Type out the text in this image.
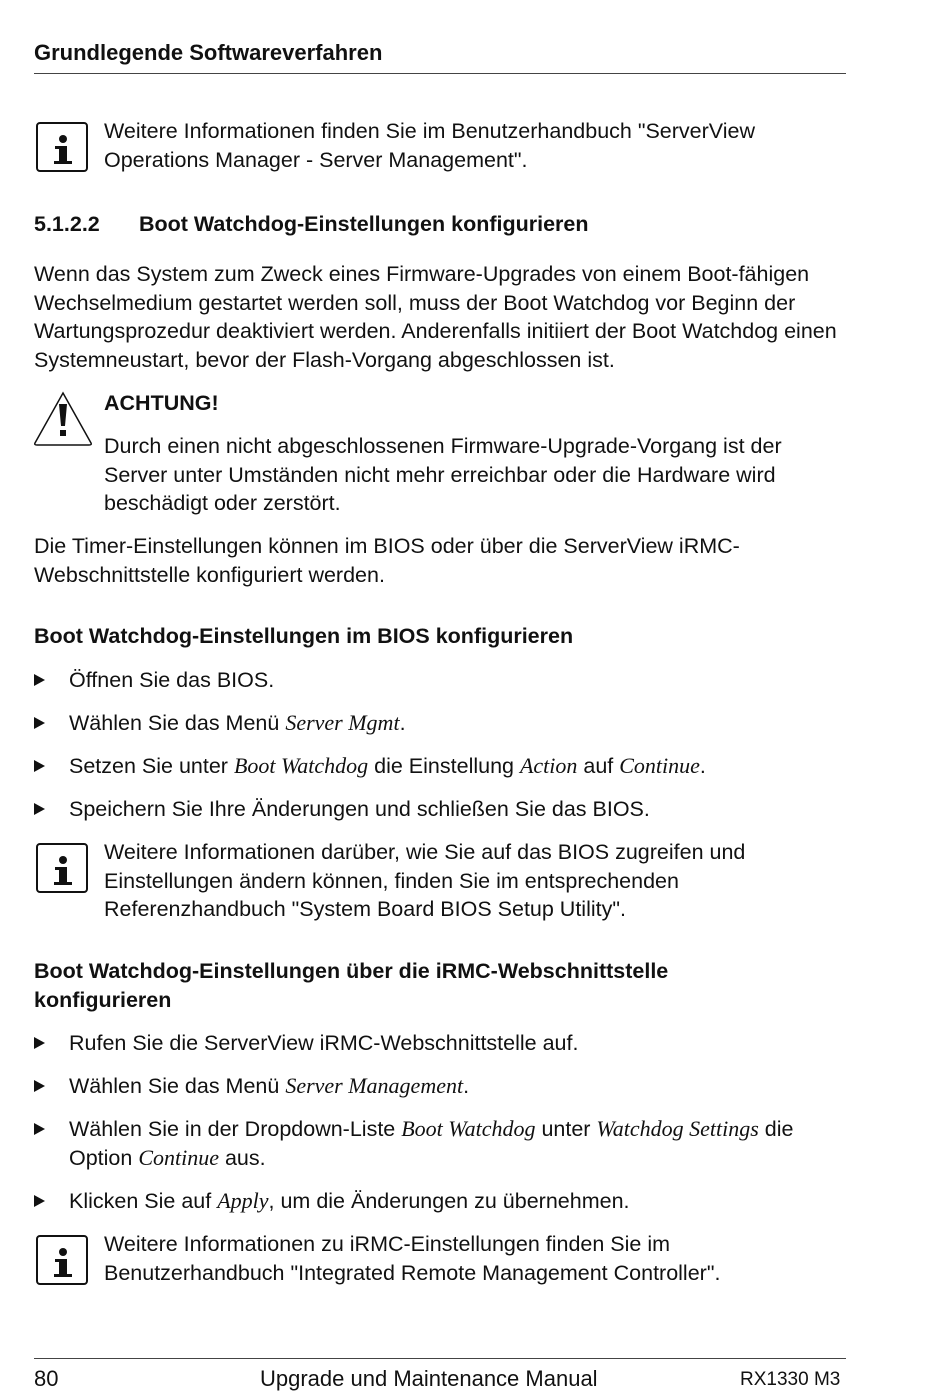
Grundlegende Softwareverfahren
Weitere Informationen finden Sie im Benutzerhandbuch "ServerView Operations Manager - Server Management".
5.1.2.2 Boot Watchdog-Einstellungen konfigurieren
Wenn das System zum Zweck eines Firmware-Upgrades von einem Boot-fähigen Wechselmedium gestartet werden soll, muss der Boot Watchdog vor Beginn der Wartungsprozedur deaktiviert werden. Anderenfalls initiiert der Boot Watchdog einen Systemneustart, bevor der Flash-Vorgang abgeschlossen ist.
ACHTUNG!
Durch einen nicht abgeschlossenen Firmware-Upgrade-Vorgang ist der Server unter Umständen nicht mehr erreichbar oder die Hardware wird beschädigt oder zerstört.
Die Timer-Einstellungen können im BIOS oder über die ServerView iRMC-Webschnittstelle konfiguriert werden.
Boot Watchdog-Einstellungen im BIOS konfigurieren
Öffnen Sie das BIOS.
Wählen Sie das Menü Server Mgmt.
Setzen Sie unter Boot Watchdog die Einstellung Action auf Continue.
Speichern Sie Ihre Änderungen und schließen Sie das BIOS.
Weitere Informationen darüber, wie Sie auf das BIOS zugreifen und Einstellungen ändern können, finden Sie im entsprechenden Referenzhandbuch "System Board BIOS Setup Utility".
Boot Watchdog-Einstellungen über die iRMC-Webschnittstelle
konfigurieren
Rufen Sie die ServerView iRMC-Webschnittstelle auf.
Wählen Sie das Menü Server Management.
Wählen Sie in der Dropdown-Liste Boot Watchdog unter Watchdog Settings die Option Continue aus.
Klicken Sie auf Apply, um die Änderungen zu übernehmen.
Weitere Informationen zu iRMC-Einstellungen finden Sie im Benutzerhandbuch "Integrated Remote Management Controller".
80	Upgrade und Maintenance Manual	RX1330 M3
